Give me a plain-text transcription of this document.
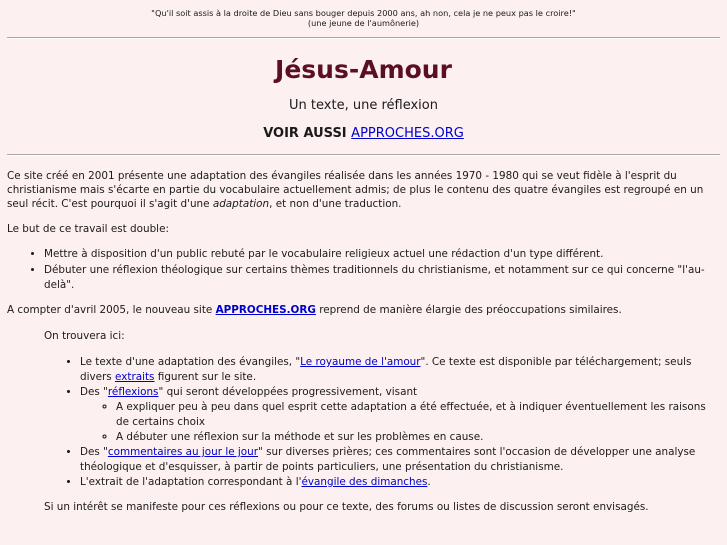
"Qu'il soit assis à la droite de Dieu sans bouger depuis 2000 ans, ah non, cela je ne peux pas le croire!"
(une jeune de l'aumônerie)
Jésus-Amour
Un texte, une réflexion
VOIR AUSSI APPROCHES.ORG

Ce site créé en 2001 présente une adaptation des évangiles réalisée dans les années 1970 - 1980 qui se veut fidèle à l'esprit du christianisme mais s'écarte en partie du vocabulaire actuellement admis; de plus le contenu des quatre évangiles est regroupé en un seul récit. C'est pourquoi il s'agit d'une adaptation, et non d'une traduction.

Le but de ce travail est double:

• Mettre à disposition d'un public rebuté par le vocabulaire religieux actuel une rédaction d'un type différent.
• Débuter une réflexion théologique sur certains thèmes traditionnels du christianisme, et notamment sur ce qui concerne "l'au-delà".

A compter d'avril 2005, le nouveau site APPROCHES.ORG reprend de manière élargie des préoccupations similaires.

On trouvera ici:

• Le texte d'une adaptation des évangiles, "Le royaume de l'amour". Ce texte est disponible par téléchargement; seuls divers extraits figurent sur le site.
• Des "réflexions" qui seront développées progressivement, visant
◦ A expliquer peu à peu dans quel esprit cette adaptation a été effectuée, et à indiquer éventuellement les raisons de certains choix
◦ A débuter une réflexion sur la méthode et sur les problèmes en cause.
• Des "commentaires au jour le jour" sur diverses prières; ces commentaires sont l'occasion de développer une analyse théologique et d'esquisser, à partir de points particuliers, une présentation du christianisme.
• L'extrait de l'adaptation correspondant à l'évangile des dimanches.

Si un intérêt se manifeste pour ces réflexions ou pour ce texte, des forums ou listes de discussion seront envisagés.
